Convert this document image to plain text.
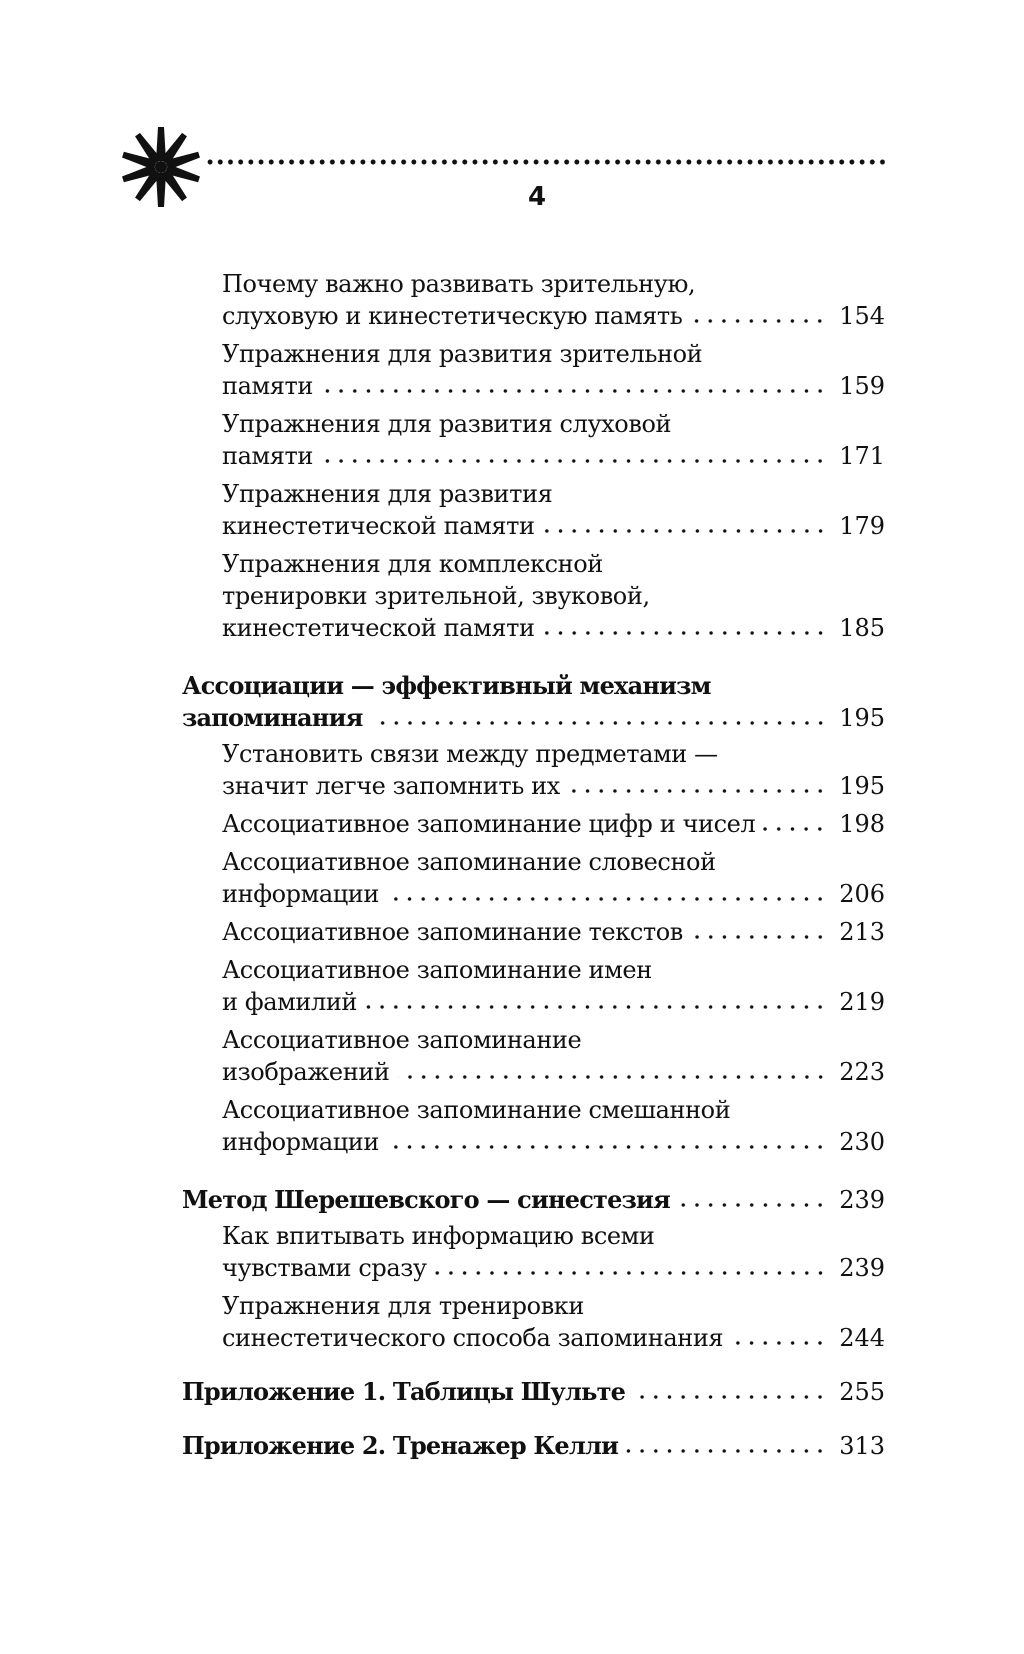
4
Почему важно развивать зрительную,
слуховую и кинестетическую память	154
Упражнения для развития зрительной
памяти	159
Упражнения для развития слуховой
памяти	171
Упражнения для развития
кинестетической памяти	179
Упражнения для комплексной
тренировки зрительной, звуковой,
кинестетической памяти	185
Ассоциации — эффективный механизм
запоминания	195
Установить связи между предметами —
значит легче запомнить их	195
Ассоциативное запоминание цифр и чисел	198
Ассоциативное запоминание словесной
информации	206
Ассоциативное запоминание текстов	213
Ассоциативное запоминание имен
и фамилий	219
Ассоциативное запоминание
изображений	223
Ассоциативное запоминание смешанной
информации	230
Метод Шерешевского — синестезия	239
Как впитывать информацию всеми
чувствами сразу	239
Упражнения для тренировки
синестетического способа запоминания	244
Приложение 1. Таблицы Шульте	255
Приложение 2. Тренажер Келли	313
